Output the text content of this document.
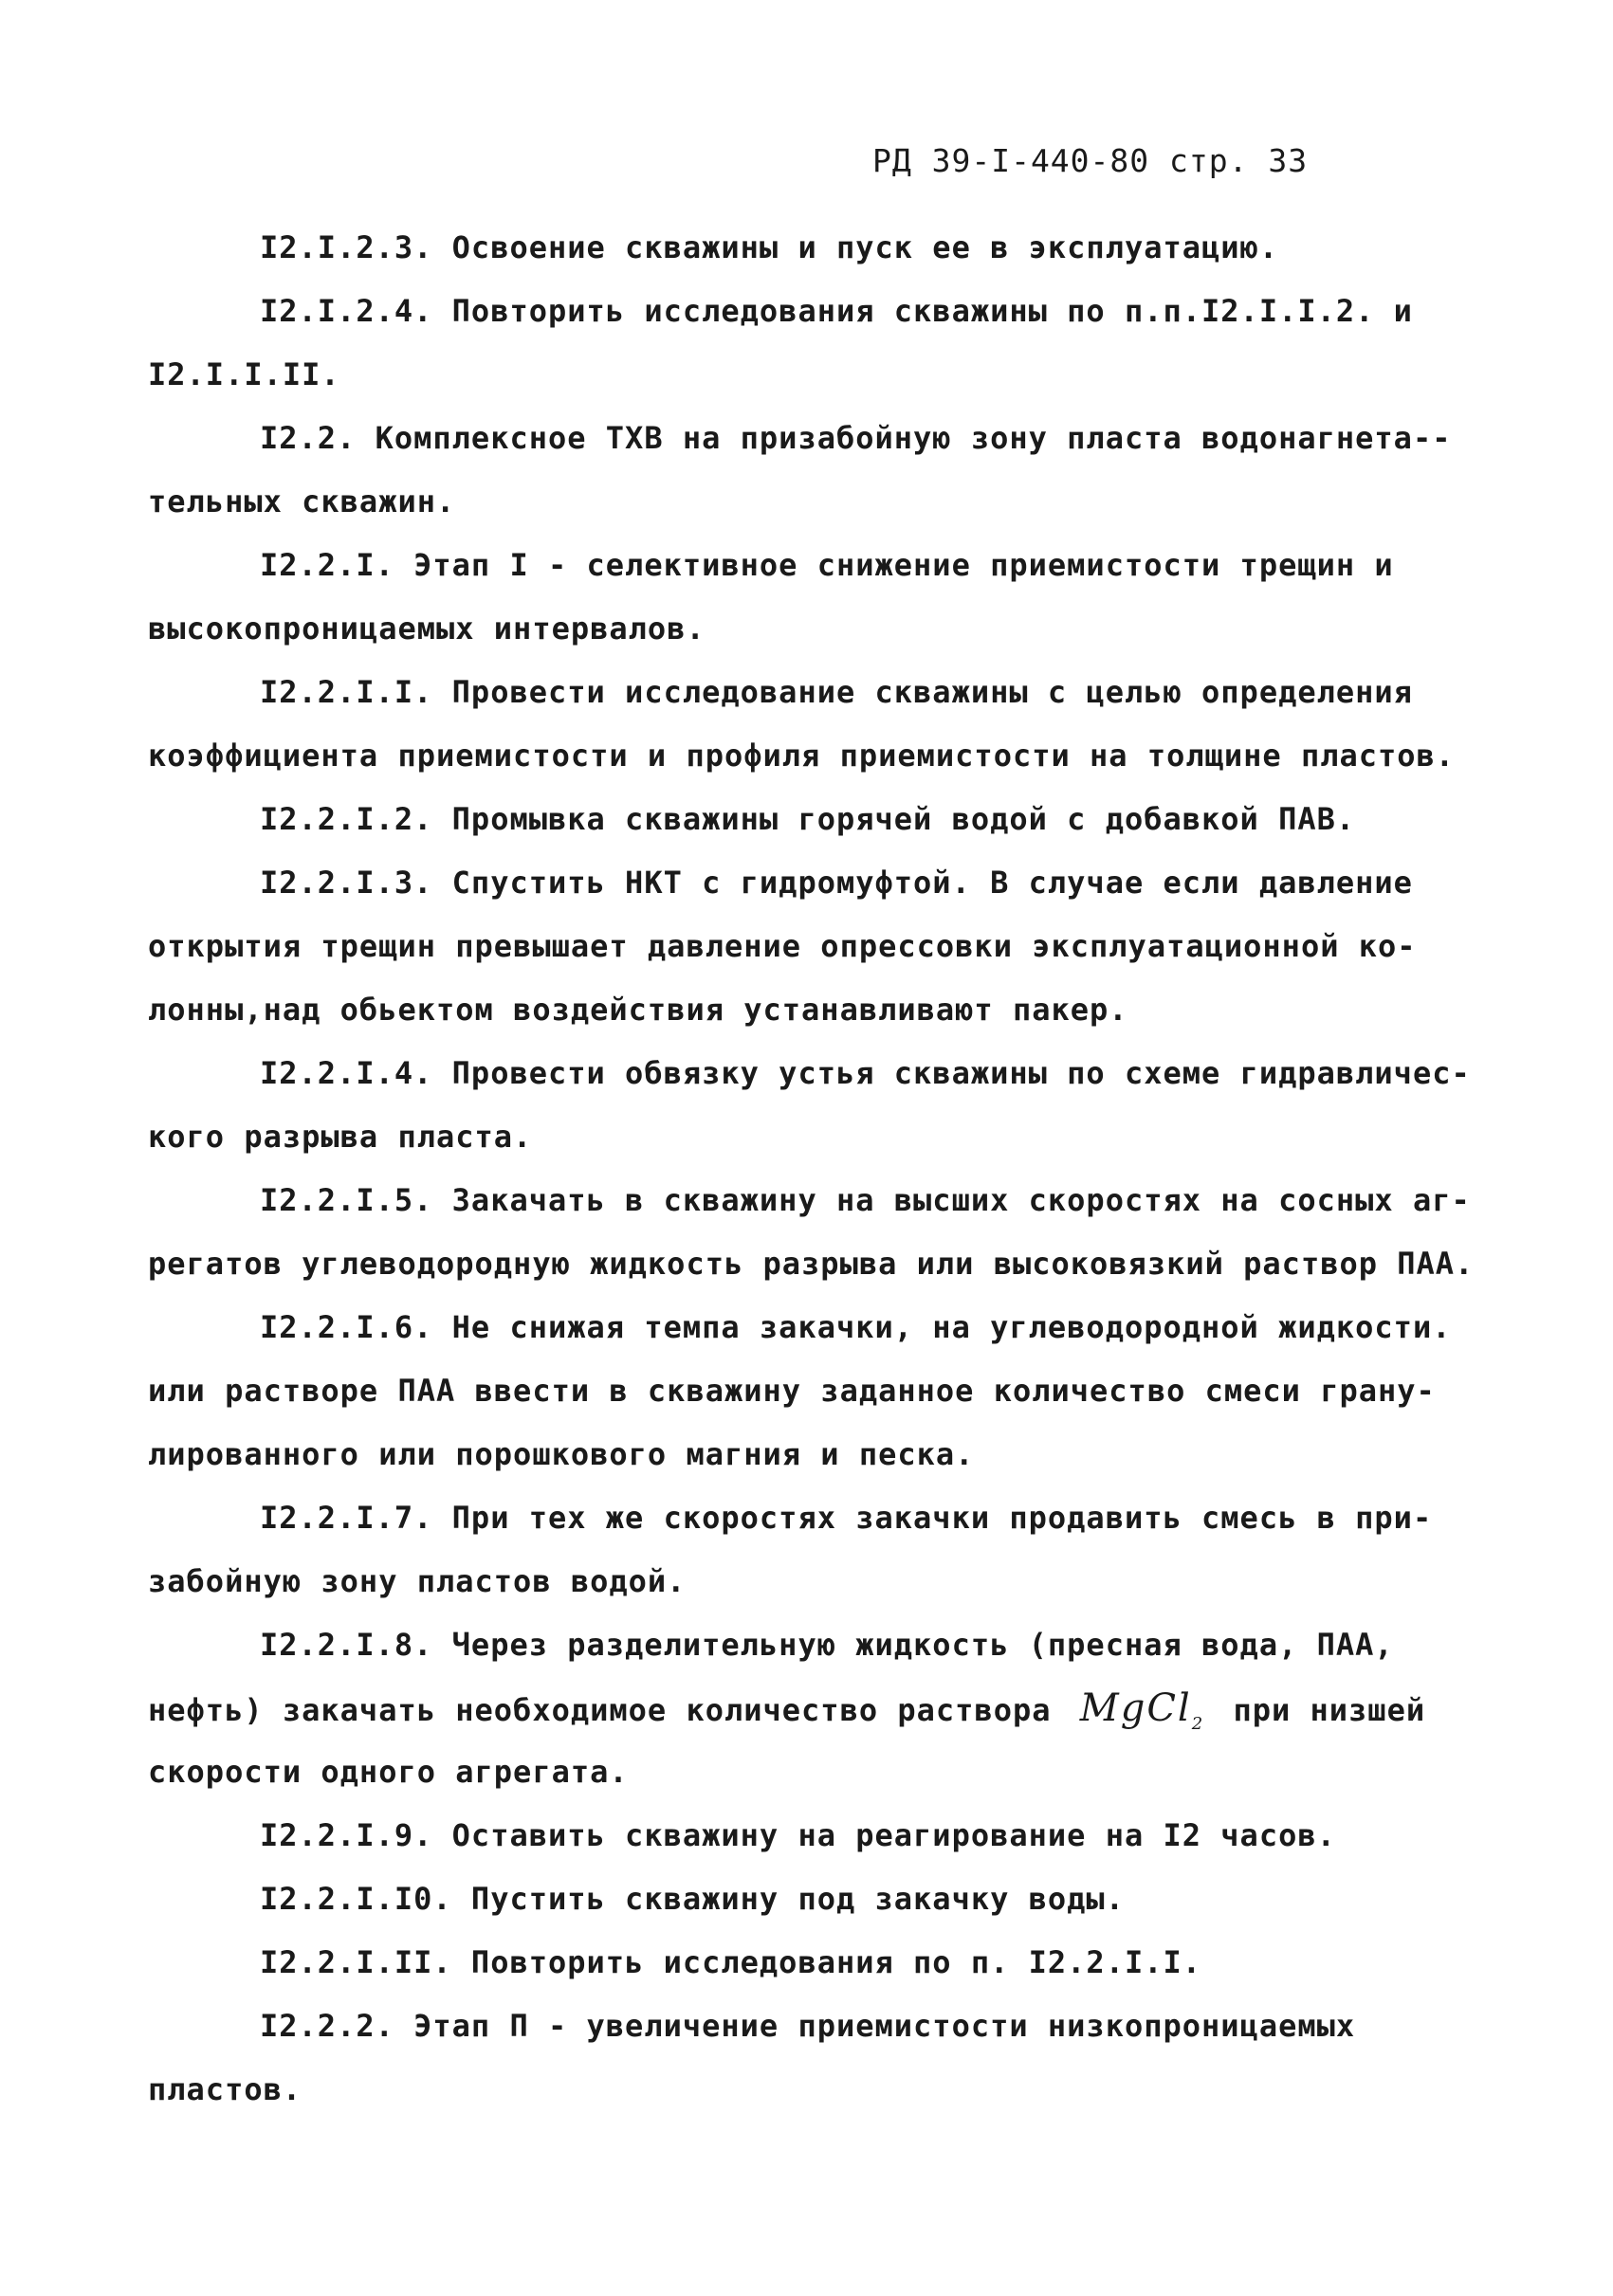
РД 39-I-440-80 стр. 33
I2.I.2.3. Освоение скважины и пуск ее в эксплуатацию.
I2.I.2.4. Повторить исследования скважины по п.п.I2.I.I.2. и
I2.I.I.II.
I2.2. Комплексное ТХВ на призабойную зону пласта водонагнета--
тельных скважин.
I2.2.I. Этап I - селективное снижение приемистости трещин и
высокопроницаемых интервалов.
I2.2.I.I. Провести исследование скважины с целью определения
коэффициента приемистости и профиля приемистости на толщине пластов.
I2.2.I.2. Промывка скважины горячей водой с добавкой ПАВ.
I2.2.I.3. Спустить НКТ с гидромуфтой. В случае если давление
открытия трещин превышает давление опрессовки эксплуатационной ко-
лонны,над обьектом воздействия устанавливают пакер.
I2.2.I.4. Провести обвязку устья скважины по схеме гидравличес-
кого разрыва пласта.
I2.2.I.5. Закачать в скважину на высших скоростях на сосных аг-
регатов углеводородную жидкость разрыва или высоковязкий раствор ПАА.
I2.2.I.6. Не снижая темпа закачки, на углеводородной жидкости.
или растворе ПАА ввести в скважину заданное количество смеси грану-
лированного или порошкового магния и песка.
I2.2.I.7. При тех же скоростях закачки продавить смесь в при-
забойную зону пластов водой.
I2.2.I.8. Через разделительную жидкость (пресная вода, ПАА,
нефть) закачать необходимое количество раствора MgCl$_2$ при низшей
скорости одного агрегата.
I2.2.I.9. Оставить скважину на реагирование на I2 часов.
I2.2.I.I0. Пустить скважину под закачку воды.
I2.2.I.II. Повторить исследования по п. I2.2.I.I.
I2.2.2. Этап П - увеличение приемистости низкопроницаемых
пластов.
